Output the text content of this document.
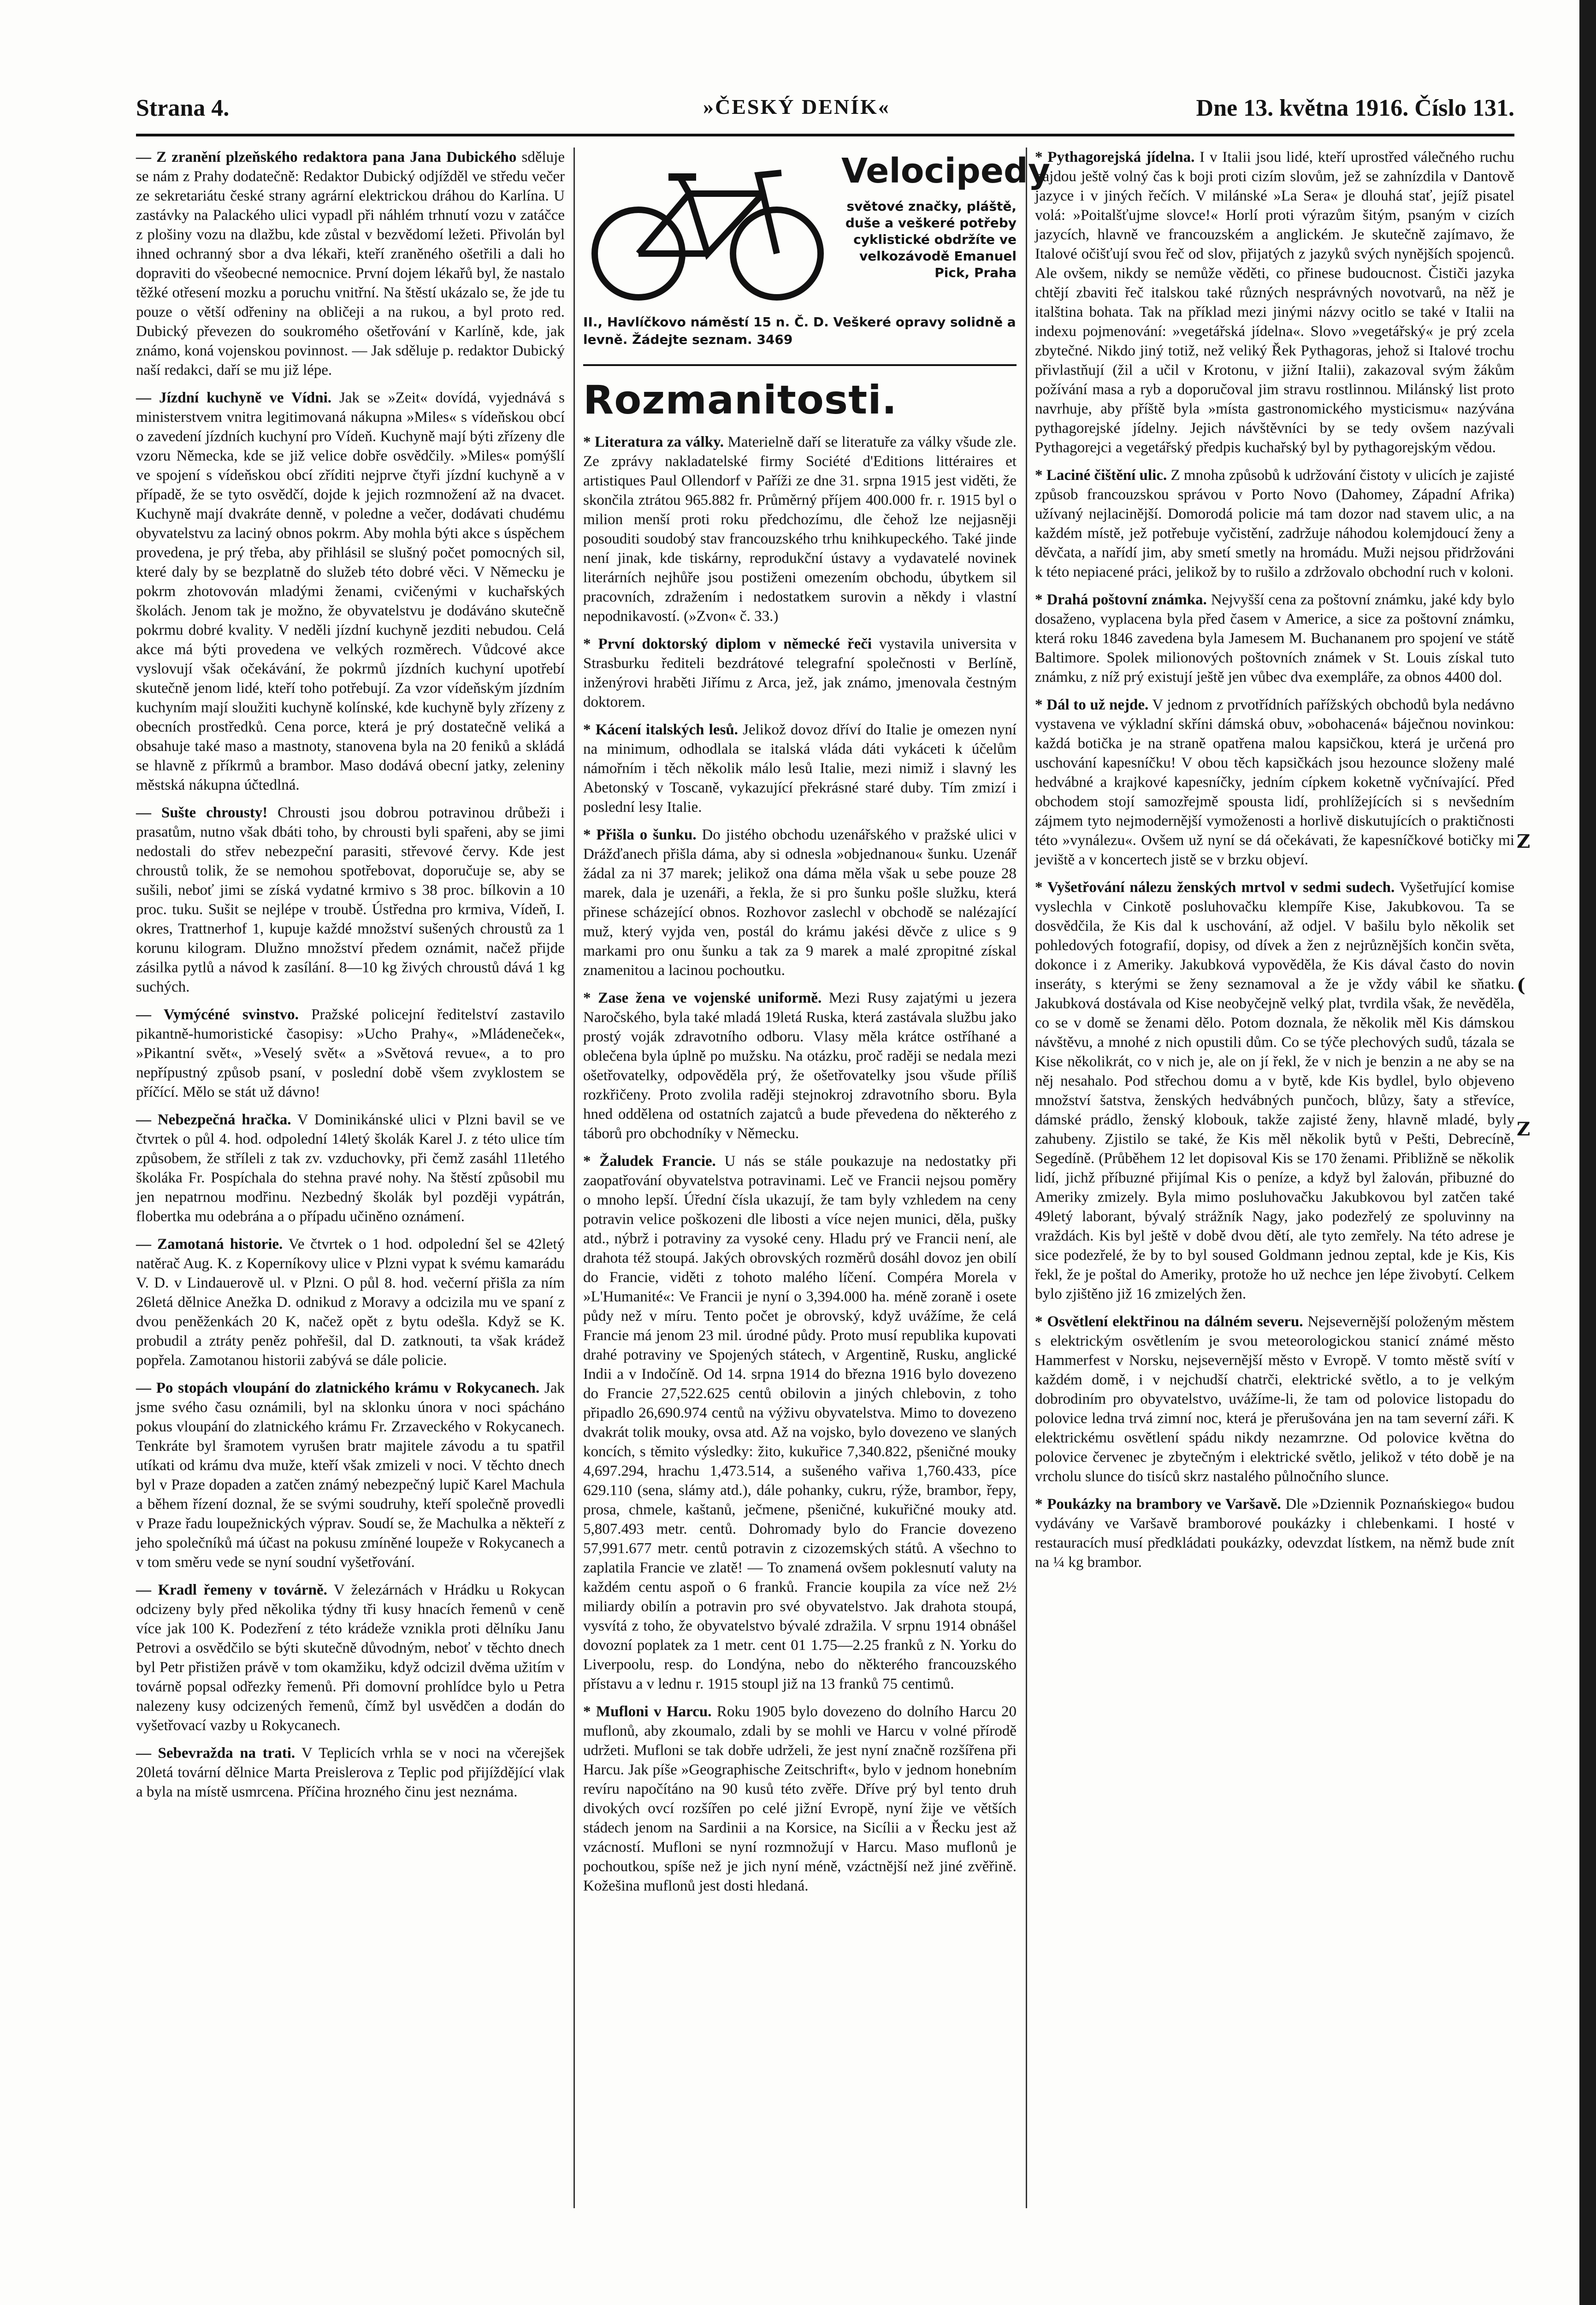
Strana 4.	»ČESKÝ DENÍK«	Dne 13. května 1916. Číslo 131.

— Z zranění plzeňského redaktora pana Jana Dubického sděluje se nám z Prahy dodatečně: Redaktor Dubický odjížděl ve středu večer ze sekretariátu české strany agrární elektrickou dráhou do Karlína. U zastávky na Palackého ulici vypadl při náhlém trhnutí vozu v zatáčce z plošiny vozu na dlažbu, kde zůstal v bezvědomí ležeti. Přivolán byl ihned ochranný sbor a dva lékaři, kteří zraněného ošetřili a dali ho dopraviti do všeobecné nemocnice. První dojem lékařů byl, že nastalo těžké otřesení mozku a poruchu vnitřní. Na štěstí ukázalo se, že jde tu pouze o větší odřeniny na obličeji a na rukou, a byl proto red. Dubický převezen do soukromého ošetřování v Karlíně, kde, jak známo, koná vojenskou povinnost. — Jak sděluje p. redaktor Dubický naší redakci, daří se mu již lépe.

— Jízdní kuchyně ve Vídni. Jak se »Zeit« dovídá, vyjednává s ministerstvem vnitra legitimovaná nákupna »Miles« s vídeňskou obcí o zavedení jízdních kuchyní pro Vídeň. Kuchyně mají býti zřízeny dle vzoru Německa, kde se již velice dobře osvědčily. »Miles« pomýšlí ve spojení s vídeňskou obcí zříditi nejprve čtyři jízdní kuchyně a v případě, že se tyto osvědčí, dojde k jejich rozmnožení až na dvacet. Kuchyně mají dvakráte denně, v poledne a večer, dodávati chudému obyvatelstvu za laciný obnos pokrm. Aby mohla býti akce s úspěchem provedena, je prý třeba, aby přihlásil se slušný počet pomocných sil, které daly by se bezplatně do služeb této dobré věci. V Německu je pokrm zhotovován mladými ženami, cvičenými v kuchařských školách. Jenom tak je možno, že obyvatelstvu je dodáváno skutečně pokrmu dobré kvality. V neděli jízdní kuchyně jezditi nebudou. Celá akce má býti provedena ve velkých rozměrech. Vůdcové akce vyslovují však očekávání, že pokrmů jízdních kuchyní upotřebí skutečně jenom lidé, kteří toho potřebují. Za vzor vídeňským jízdním kuchyním mají sloužiti kuchyně kolínské, kde kuchyně byly zřízeny z obecních prostředků. Cena porce, která je prý dostatečně veliká a obsahuje také maso a mastnoty, stanovena byla na 20 feniků a skládá se hlavně z příkrmů a brambor. Maso dodává obecní jatky, zeleniny městská nákupna účtedlná.

— Sušte chrousty! Chrousti jsou dobrou potravinou drůbeži i prasatům, nutno však dbáti toho, by chrousti byli spařeni, aby se jimi nedostali do střev nebezpeční parasiti, střevové červy. Kde jest chroustů tolik, že se nemohou spotřebovat, doporučuje se, aby se sušili, neboť jimi se získá vydatné krmivo s 38 proc. bílkovin a 10 proc. tuku. Sušit se nejlépe v troubě. Ústředna pro krmiva, Vídeň, I. okres, Trattnerhof 1, kupuje každé množství sušených chroustů za 1 korunu kilogram. Dlužno množství předem oznámit, načež přijde zásilka pytlů a návod k zasílání. 8—10 kg živých chroustů dává 1 kg suchých.

— Vymýcéné svinstvo. Pražské policejní ředitelství zastavilo pikantně-humoristické časopisy: »Ucho Prahy«, »Mládeneček«, »Pikantní svět«, »Veselý svět« a »Světová revue«, a to pro nepřípustný způsob psaní, v poslední době všem zvyklostem se příčící. Mělo se stát už dávno!

— Nebezpečná hračka. V Dominikánské ulici v Plzni bavil se ve čtvrtek o půl 4. hod. odpolední 14letý školák Karel J. z této ulice tím způsobem, že stříleli z tak zv. vzduchovky, při čemž zasáhl 11letého školáka Fr. Pospíchala do stehna pravé nohy. Na štěstí způsobil mu jen nepatrnou modřinu. Nezbedný školák byl později vypátrán, flobertka mu odebrána a o případu učiněno oznámení.

— Zamotaná historie. Ve čtvrtek o 1 hod. odpolední šel se 42letý natěrač Aug. K. z Koperníkovy ulice v Plzni vypat k svému kamarádu V. D. v Lindauerově ul. v Plzni. O půl 8. hod. večerní přišla za ním 26letá dělnice Anežka D. odnikud z Moravy a odcizila mu ve spaní z dvou peněženkách 20 K, načež opět z bytu odešla. Když se K. probudil a ztráty peněz pohřešil, dal D. zatknouti, ta však krádež popřela. Zamotanou historii zabývá se dále policie.

— Po stopách vloupání do zlatnického krámu v Rokycanech. Jak jsme svého času oznámili, byl na sklonku února v noci spácháno pokus vloupání do zlatnického krámu Fr. Zrzaveckého v Rokycanech. Tenkráte byl šramotem vyrušen bratr majitele závodu a tu spatřil utíkati od krámu dva muže, kteří však zmizeli v noci. V těchto dnech byl v Praze dopaden a zatčen známý nebezpečný lupič Karel Machula a během řízení doznal, že se svými soudruhy, kteří společně provedli v Praze řadu loupežnických výprav. Soudí se, že Machulka a někteří z jeho společníků má účast na pokusu zmíněné loupeže v Rokycanech a v tom směru vede se nyní soudní vyšetřování.

— Kradl řemeny v továrně. V železárnách v Hrádku u Rokycan odcizeny byly před několika týdny tři kusy hnacích řemenů v ceně více jak 100 K. Podezření z této krádeže vznikla proti dělníku Janu Petrovi a osvědčilo se býti skutečně důvodným, neboť v těchto dnech byl Petr přistižen právě v tom okamžiku, když odcizil dvěma užitím v továrně popsal odřezky řemenů. Při domovní prohlídce bylo u Petra nalezeny kusy odcizených řemenů, čímž byl usvědčen a dodán do vyšetřovací vazby u Rokycanech.

— Sebevražda na trati. V Teplicích vrhla se v noci na včerejšek 20letá tovární dělnice Marta Preislerova z Teplic pod přijíždějící vlak a byla na místě usmrcena. Příčina hrozného činu jest neznáma.

Velocipedy
světové značky, pláště, duše a veškeré potřeby cyklistické obdržíte ve velkozávodě Emanuel Pick, Praha
II., Havlíčkovo náměstí 15 n. Č. D. Veškeré opravy solidně a levně. Žádejte seznam. 3469
Rozmanitosti.

* Literatura za války. Materielně daří se literatuře za války všude zle. Ze zprávy nakladatelské firmy Société d'Editions littéraires et artistiques Paul Ollendorf v Paříži ze dne 31. srpna 1915 jest viděti, že skončila ztrátou 965.882 fr. Průměrný příjem 400.000 fr. r. 1915 byl o milion menší proti roku předchozímu, dle čehož lze nejjasněji posouditi soudobý stav francouzského trhu knihkupeckého. Také jinde není jinak, kde tiskárny, reprodukční ústavy a vydavatelé novinek literárních nejhůře jsou postiženi omezením obchodu, úbytkem sil pracovních, zdražením i nedostatkem surovin a někdy i vlastní nepodnikavostí. (»Zvon« č. 33.)

* První doktorský diplom v německé řeči vystavila universita v Strasburku řediteli bezdrátové telegrafní společnosti v Berlíně, inženýrovi hraběti Jiřímu z Arca, jež, jak známo, jmenovala čestným doktorem.

* Kácení italských lesů. Jelikož dovoz dříví do Italie je omezen nyní na minimum, odhodlala se italská vláda dáti vykáceti k účelům námořním i těch několik málo lesů Italie, mezi nimiž i slavný les Abetonský v Toscaně, vykazující překrásné staré duby. Tím zmizí i poslední lesy Italie.

* Přišla o šunku. Do jistého obchodu uzenářského v pražské ulici v Drážďanech přišla dáma, aby si odnesla »objednanou« šunku. Uzenář žádal za ni 37 marek; jelikož ona dáma měla však u sebe pouze 28 marek, dala je uzenáři, a řekla, že si pro šunku pošle služku, která přinese scházející obnos. Rozhovor zaslechl v obchodě se nalézající muž, který vyjda ven, postál do krámu jakési děvče z ulice s 9 markami pro onu šunku a tak za 9 marek a malé zpropitné získal znamenitou a lacinou pochoutku.

* Zase žena ve vojenské uniformě. Mezi Rusy zajatými u jezera Naročského, byla také mladá 19letá Ruska, která zastávala službu jako prostý voják zdravotního odboru. Vlasy měla krátce ostříhané a oblečena byla úplně po mužsku. Na otázku, proč raději se nedala mezi ošetřovatelky, odpověděla prý, že ošetřovatelky jsou všude příliš rozkřičeny. Proto zvolila raději stejnokroj zdravotního sboru. Byla hned oddělena od ostatních zajatců a bude převedena do některého z táborů pro obchodníky v Německu.

* Žaludek Francie. U nás se stále poukazuje na nedostatky při zaopatřování obyvatelstva potravinami. Leč ve Francii nejsou poměry o mnoho lepší. Úřední čísla ukazují, že tam byly vzhledem na ceny potravin velice poškozeni dle libosti a více nejen munici, děla, pušky atd., nýbrž i potraviny za vysoké ceny. Hladu prý ve Francii není, ale drahota též stoupá. Jakých obrovských rozměrů dosáhl dovoz jen obilí do Francie, viděti z tohoto malého líčení. Compéra Morela v »L'Humanité«: Ve Francii je nyní o 3,394.000 ha. méně zoraně i osete půdy než v míru. Tento počet je obrovský, když uvážíme, že celá Francie má jenom 23 mil. úrodné půdy. Proto musí republika kupovati drahé potraviny ve Spojených státech, v Argentině, Rusku, anglické Indii a v Indočíně. Od 14. srpna 1914 do března 1916 bylo dovezeno do Francie 27,522.625 centů obilovin a jiných chlebovin, z toho připadlo 26,690.974 centů na výživu obyvatelstva. Mimo to dovezeno dvakrát tolik mouky, ovsa atd. Až na vojsko, bylo dovezeno ve slaných koncích, s těmito výsledky: žito, kukuřice 7,340.822, pšeničné mouky 4,697.294, hrachu 1,473.514, a sušeného vařiva 1,760.433, píce 629.110 (sena, slámy atd.), dále pohanky, cukru, rýže, brambor, řepy, prosa, chmele, kaštanů, ječmene, pšeničné, kukuřičné mouky atd. 5,807.493 metr. centů. Dohromady bylo do Francie dovezeno 57,991.677 metr. centů potravin z cizozemských států. A všechno to zaplatila Francie ve zlatě! — To znamená ovšem poklesnutí valuty na každém centu aspoň o 6 franků. Francie koupila za více než 2½ miliardy obilín a potravin pro své obyvatelstvo. Jak drahota stoupá, vysvítá z toho, že obyvatelstvo bývalé zdražila. V srpnu 1914 obnášel dovozní poplatek za 1 metr. cent 01 1.75—2.25 franků z N. Yorku do Liverpoolu, resp. do Londýna, nebo do některého francouzského přístavu a v lednu r. 1915 stoupl již na 13 franků 75 centimů.

* Mufloni v Harcu. Roku 1905 bylo dovezeno do dolního Harcu 20 muflonů, aby zkoumalo, zdali by se mohli ve Harcu v volné přírodě udržeti. Mufloni se tak dobře udrželi, že jest nyní značně rozšířena při Harcu. Jak píše »Geographische Zeitschrift«, bylo v jednom honebním revíru napočítáno na 90 kusů této zvěře. Dříve prý byl tento druh divokých ovcí rozšířen po celé jižní Evropě, nyní žije ve větších stádech jenom na Sardinii a na Korsice, na Sicílii a v Řecku jest až vzácností. Mufloni se nyní rozmnožují v Harcu. Maso muflonů je pochoutkou, spíše než je jich nyní méně, vzáctnější než jiné zvěřině. Kožešina muflonů jest dosti hledaná.

* Pythagorejská jídelna. I v Italii jsou lidé, kteří uprostřed válečného ruchu najdou ještě volný čas k boji proti cizím slovům, jež se zahnízdila v Dantově jazyce i v jiných řečích. V milánské »La Sera« je dlouhá stať, jejíž pisatel volá: »Poitalšťujme slovce!« Horlí proti výrazům šitým, psaným v cizích jazycích, hlavně ve francouzském a anglickém. Je skutečně zajímavo, že Italové očišťují svou řeč od slov, přijatých z jazyků svých nynějších spojenců. Ale ovšem, nikdy se nemůže věděti, co přinese budoucnost. Čističi jazyka chtějí zbaviti řeč italskou také různých nesprávných novotvarů, na něž je italština bohata. Tak na příklad mezi jinými názvy ocitlo se také v Italii na indexu pojmenování: »vegetářská jídelna«. Slovo »vegetářský« je prý zcela zbytečné. Nikdo jiný totiž, než veliký Řek Pythagoras, jehož si Italové trochu přivlastňují (žil a učil v Krotonu, v jižní Italii), zakazoval svým žákům požívání masa a ryb a doporučoval jim stravu rostlinnou. Milánský list proto navrhuje, aby příště byla »místa gastronomického mysticismu« nazývána pythagorejské jídelny. Jejich návštěvníci by se tedy ovšem nazývali Pythagorejci a vegetářský předpis kuchařský byl by pythagorejským vědou.

* Laciné čištění ulic. Z mnoha způsobů k udržování čistoty v ulicích je zajisté způsob francouzskou správou v Porto Novo (Dahomey, Západní Afrika) užívaný nejlacinější. Domorodá policie má tam dozor nad stavem ulic, a na každém místě, jež potřebuje vyčistění, zadržuje náhodou kolemjdoucí ženy a děvčata, a nařídí jim, aby smetí smetly na hromádu. Muži nejsou přidržováni k této nepiacené práci, jelikož by to rušilo a zdržovalo obchodní ruch v koloni.

* Drahá poštovní známka. Nejvyšší cena za poštovní známku, jaké kdy bylo dosaženo, vyplacena byla před časem v Americe, a sice za poštovní známku, která roku 1846 zavedena byla Jamesem M. Buchananem pro spojení ve státě Baltimore. Spolek milionových poštovních známek v St. Louis získal tuto známku, z níž prý existují ještě jen vůbec dva exempláře, za obnos 4400 dol.

* Dál to už nejde. V jednom z prvotřídních pařížských obchodů byla nedávno vystavena ve výkladní skříni dámská obuv, »obohacená« báječnou novinkou: každá botička je na straně opatřena malou kapsičkou, která je určená pro uschování kapesníčku! V obou těch kapsičkách jsou hezounce složeny malé hedvábné a krajkové kapesníčky, jedním cípkem koketně vyčnívající. Před obchodem stojí samozřejmě spousta lidí, prohlížejících si s nevšedním zájmem tyto nejmodernější vymoženosti a horlivě diskutujících o praktičnosti této »vynálezu«. Ovšem už nyní se dá očekávati, že kapesníčkové botičky mi jeviště a v koncertech jistě se v brzku objeví.

* Vyšetřování nálezu ženských mrtvol v sedmi sudech. Vyšetřující komise vyslechla v Cinkotě posluhovačku klempíře Kise, Jakubkovou. Ta se dosvědčila, že Kis dal k uschování, až odjel. V bašilu bylo několik set pohledových fotografií, dopisy, od dívek a žen z nejrůznějších končin světa, dokonce i z Ameriky. Jakubková vypověděla, že Kis dával často do novin inseráty, s kterými se ženy seznamoval a že je vždy vábil ke sňatku. Jakubková dostávala od Kise neobyčejně velký plat, tvrdila však, že nevěděla, co se v domě se ženami dělo. Potom doznala, že několik měl Kis dámskou návštěvu, a mnohé z nich opustili dům. Co se týče plechových sudů, tázala se Kise několikrát, co v nich je, ale on jí řekl, že v nich je benzin a ne aby se na něj nesahalo. Pod střechou domu a v bytě, kde Kis bydlel, bylo objeveno množství šatstva, ženských hedvábných punčoch, blůzy, šaty a střevíce, dámské prádlo, ženský klobouk, takže zajisté ženy, hlavně mladé, byly zahubeny. Zjistilo se také, že Kis měl několik bytů v Pešti, Debrecíně, Segedíně. (Průběhem 12 let dopisoval Kis se 170 ženami. Přibližně se několik lidí, jichž příbuzné přijímal Kis o peníze, a když byl žalován, přibuzné do Ameriky zmizely. Byla mimo posluhovačku Jakubkovou byl zatčen také 49letý laborant, bývalý strážník Nagy, jako podezřelý ze spoluvinny na vraždách. Kis byl ještě v době dvou dětí, ale tyto zemřely. Na této adrese je sice podezřelé, že by to byl soused Goldmann jednou zeptal, kde je Kis, Kis řekl, že je poštal do Ameriky, protože ho už nechce jen lépe živobytí. Celkem bylo zjištěno již 16 zmizelých žen.

* Osvětlení elektřinou na dálném severu. Nejsevernější položeným městem s elektrickým osvětlením je svou meteorologickou stanicí známé město Hammerfest v Norsku, nejsevernější město v Evropě. V tomto městě svítí v každém domě, i v nejchudší chatrči, elektrické světlo, a to je velkým dobrodiním pro obyvatelstvo, uvážíme-li, že tam od polovice listopadu do polovice ledna trvá zimní noc, která je přerušována jen na tam severní záři. K elektrickému osvětlení spádu nikdy nezamrzne. Od polovice května do polovice červenec je zbytečným i elektrické světlo, jelikož v této době je na vrcholu slunce do tisíců skrz nastalého půlnočního slunce.

* Poukázky na brambory ve Varšavě. Dle »Dziennik Poznańskiego« budou vydávány ve Varšavě bramborové poukázky i chlebenkami. I hosté v restauracích musí předkládati poukázky, odevzdat lístkem, na němž bude znít na ¼ kg brambor.

Z
(
Z
